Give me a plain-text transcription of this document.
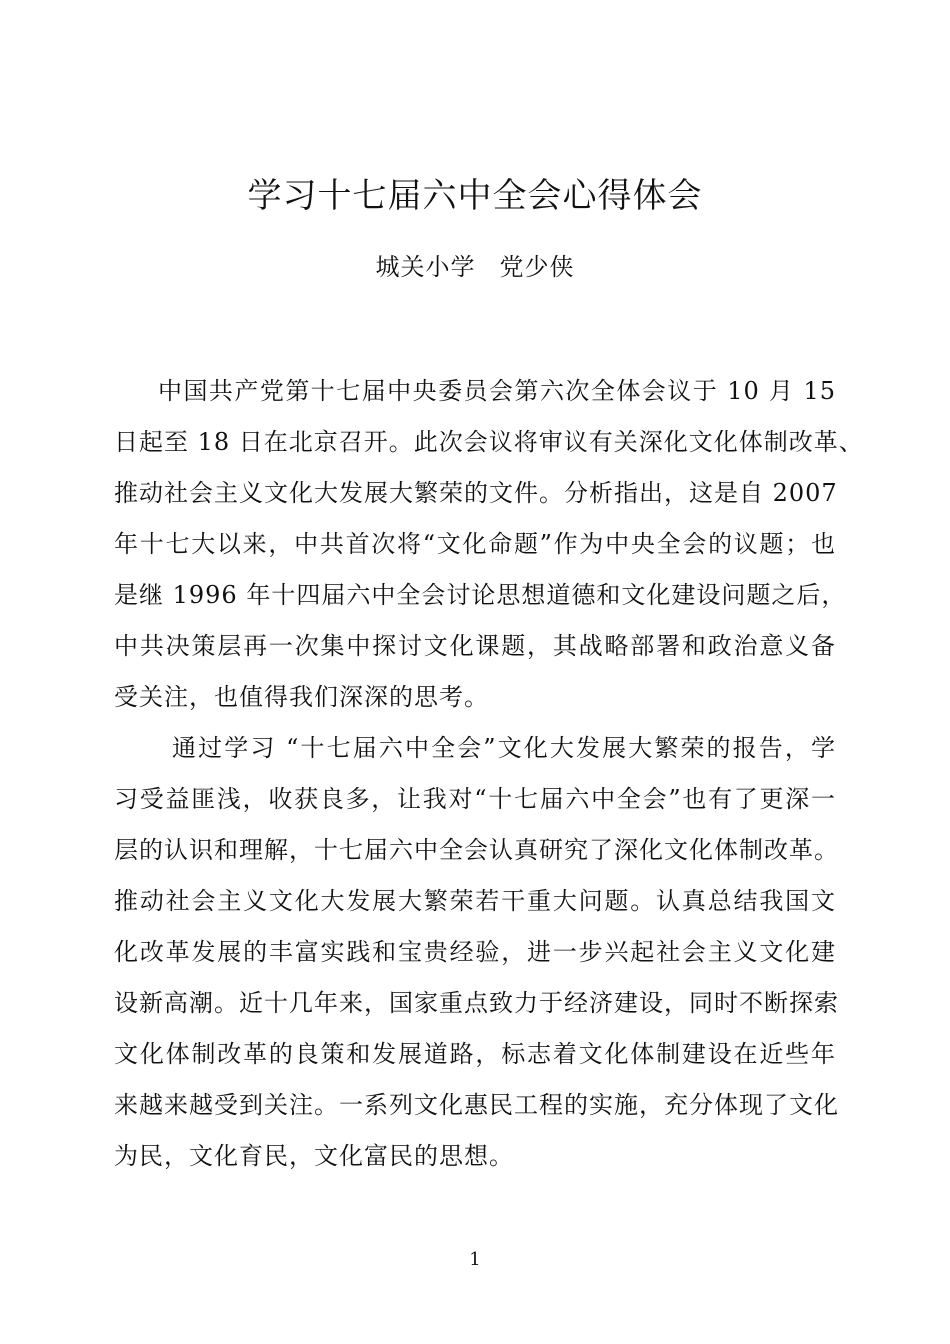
学习十七届六中全会心得体会
城关小学 党少侠
中国共产党第十七届中央委员会第六次全体会议于 10 月 15
日起至 18 日在北京召开。此次会议将审议有关深化文化体制改革、
推动社会主义文化大发展大繁荣的文件。分析指出，这是自 2007
年十七大以来，中共首次将“文化命题”作为中央全会的议题；也
是继 1996 年十四届六中全会讨论思想道德和文化建设问题之后，
中共决策层再一次集中探讨文化课题，其战略部署和政治意义备
受关注，也值得我们深深的思考。
通过学习 “十七届六中全会”文化大发展大繁荣的报告，学
习受益匪浅，收获良多，让我对“十七届六中全会”也有了更深一
层的认识和理解，十七届六中全会认真研究了深化文化体制改革。
推动社会主义文化大发展大繁荣若干重大问题。认真总结我国文
化改革发展的丰富实践和宝贵经验，进一步兴起社会主义文化建
设新高潮。近十几年来，国家重点致力于经济建设，同时不断探索
文化体制改革的良策和发展道路，标志着文化体制建设在近些年
来越来越受到关注。一系列文化惠民工程的实施，充分体现了文化
为民，文化育民，文化富民的思想。
1
